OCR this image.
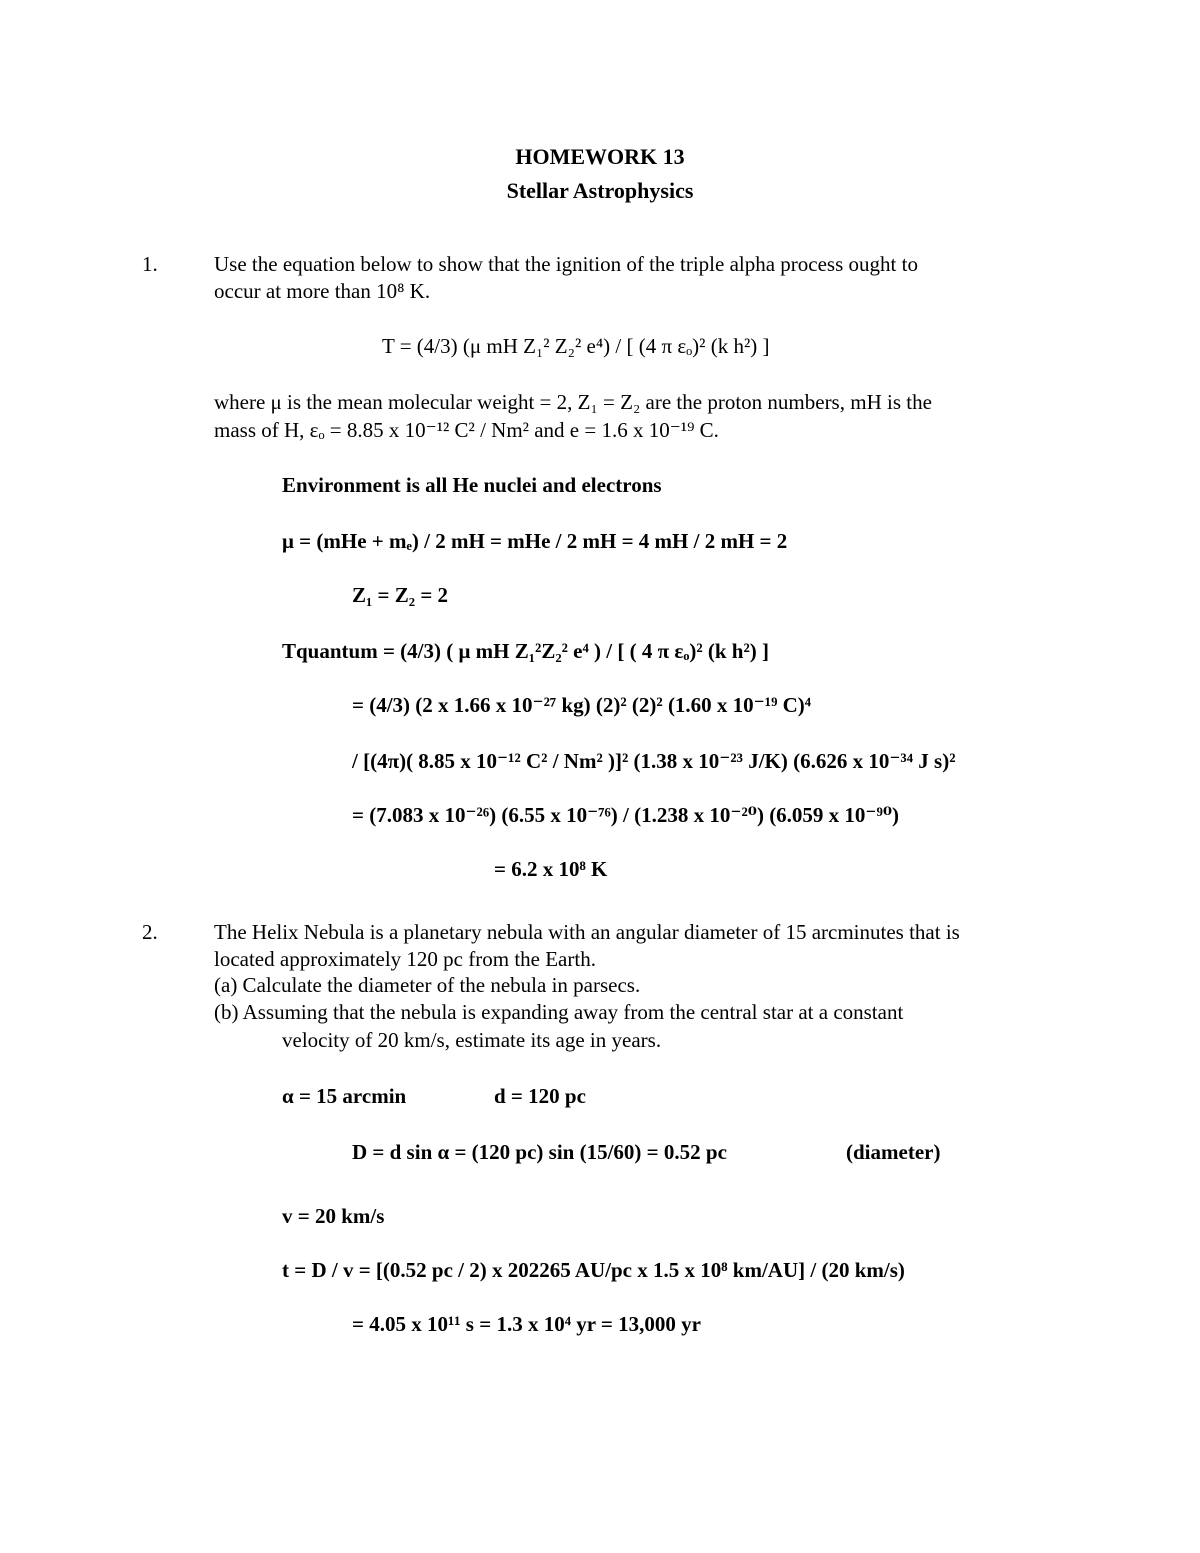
HOMEWORK 13
Stellar Astrophysics
1.	Use the equation below to show that the ignition of the triple alpha process ought to
occur at more than 10⁸ K.
T = (4/3) (μ mH Z₁² Z₂² e⁴) / [ (4 π εₒ)² (k h²) ]
where μ is the mean molecular weight = 2, Z₁ = Z₂ are the proton numbers, mH is the
mass of H, εₒ = 8.85 x 10⁻¹² C² / Nm² and e = 1.6 x 10⁻¹⁹ C.
Environment is all He nuclei and electrons
μ = (mHe + mₑ) / 2 mH = mHe / 2 mH = 4 mH / 2 mH = 2
Z₁ = Z₂ = 2
Tquantum = (4/3) ( μ mH Z₁²Z₂² e⁴ ) / [ ( 4 π εₒ)² (k h²) ]
= (4/3) (2 x 1.66 x 10⁻²⁷ kg) (2)² (2)² (1.60 x 10⁻¹⁹ C)⁴
/ [(4π)( 8.85 x 10⁻¹² C² / Nm² )]² (1.38 x 10⁻²³ J/K) (6.626 x 10⁻³⁴ J s)²
= (7.083 x 10⁻²⁶) (6.55 x 10⁻⁷⁶) / (1.238 x 10⁻²⁰) (6.059 x 10⁻⁹⁰)
= 6.2 x 10⁸ K
2.	The Helix Nebula is a planetary nebula with an angular diameter of 15 arcminutes that is
located approximately 120 pc from the Earth.
(a) Calculate the diameter of the nebula in parsecs.
(b) Assuming that the nebula is expanding away from the central star at a constant
velocity of 20 km/s, estimate its age in years.
α = 15 arcmin	d = 120 pc
D = d sin α = (120 pc) sin (15/60) = 0.52 pc	(diameter)
v = 20 km/s
t = D / v = [(0.52 pc / 2) x 202265 AU/pc x 1.5 x 10⁸ km/AU] / (20 km/s)
= 4.05 x 10¹¹ s = 1.3 x 10⁴ yr = 13,000 yr
